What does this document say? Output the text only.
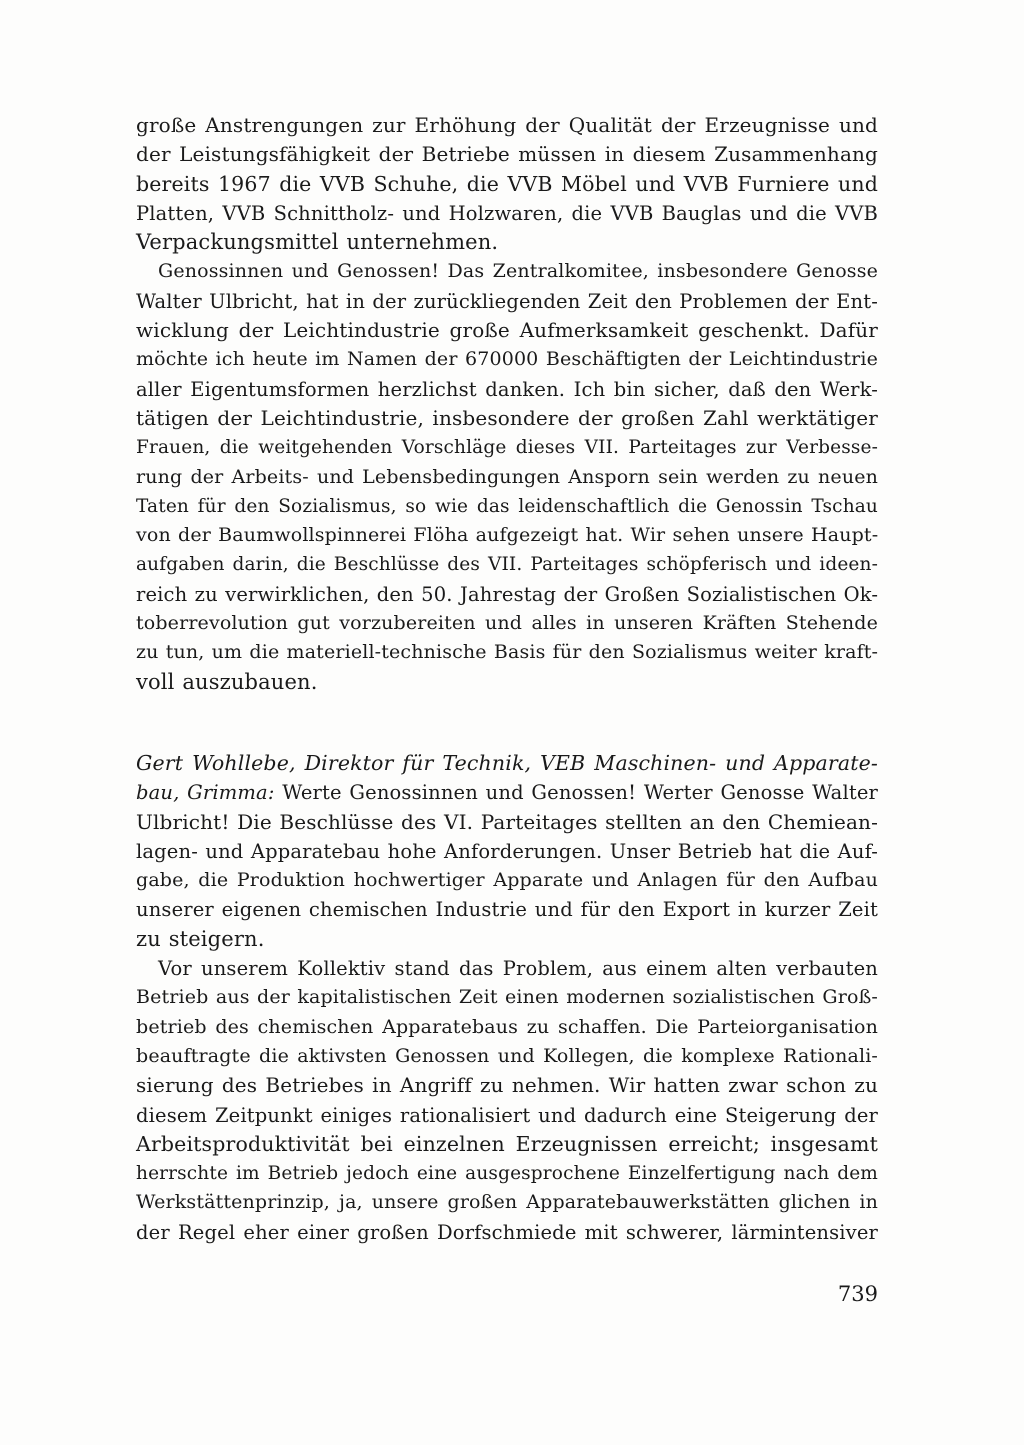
große Anstrengungen zur Erhöhung der Qualität der Erzeugnisse und
der Leistungsfähigkeit der Betriebe müssen in diesem Zusammenhang
bereits 1967 die VVB Schuhe, die VVB Möbel und VVB Furniere und
Platten, VVB Schnittholz- und Holzwaren, die VVB Bauglas und die VVB
Verpackungsmittel unternehmen.
Genossinnen und Genossen! Das Zentralkomitee, insbesondere Genosse
Walter Ulbricht, hat in der zurückliegenden Zeit den Problemen der Ent-
wicklung der Leichtindustrie große Aufmerksamkeit geschenkt. Dafür
möchte ich heute im Namen der 670000 Beschäftigten der Leichtindustrie
aller Eigentumsformen herzlichst danken. Ich bin sicher, daß den Werk-
tätigen der Leichtindustrie, insbesondere der großen Zahl werktätiger
Frauen, die weitgehenden Vorschläge dieses VII. Parteitages zur Verbesse-
rung der Arbeits- und Lebensbedingungen Ansporn sein werden zu neuen
Taten für den Sozialismus, so wie das leidenschaftlich die Genossin Tschau
von der Baumwollspinnerei Flöha aufgezeigt hat. Wir sehen unsere Haupt-
aufgaben darin, die Beschlüsse des VII. Parteitages schöpferisch und ideen-
reich zu verwirklichen, den 50. Jahrestag der Großen Sozialistischen Ok-
toberrevolution gut vorzubereiten und alles in unseren Kräften Stehende
zu tun, um die materiell-technische Basis für den Sozialismus weiter kraft-
voll auszubauen.
Gert Wohllebe, Direktor für Technik, VEB Maschinen- und Apparate-
bau, Grimma: Werte Genossinnen und Genossen! Werter Genosse Walter
Ulbricht! Die Beschlüsse des VI. Parteitages stellten an den Chemiean-
lagen- und Apparatebau hohe Anforderungen. Unser Betrieb hat die Auf-
gabe, die Produktion hochwertiger Apparate und Anlagen für den Aufbau
unserer eigenen chemischen Industrie und für den Export in kurzer Zeit
zu steigern.
Vor unserem Kollektiv stand das Problem, aus einem alten verbauten
Betrieb aus der kapitalistischen Zeit einen modernen sozialistischen Groß-
betrieb des chemischen Apparatebaus zu schaffen. Die Parteiorganisation
beauftragte die aktivsten Genossen und Kollegen, die komplexe Rationali-
sierung des Betriebes in Angriff zu nehmen. Wir hatten zwar schon zu
diesem Zeitpunkt einiges rationalisiert und dadurch eine Steigerung der
Arbeitsproduktivität bei einzelnen Erzeugnissen erreicht; insgesamt
herrschte im Betrieb jedoch eine ausgesprochene Einzelfertigung nach dem
Werkstättenprinzip, ja, unsere großen Apparatebauwerkstätten glichen in
der Regel eher einer großen Dorfschmiede mit schwerer, lärmintensiver
739
